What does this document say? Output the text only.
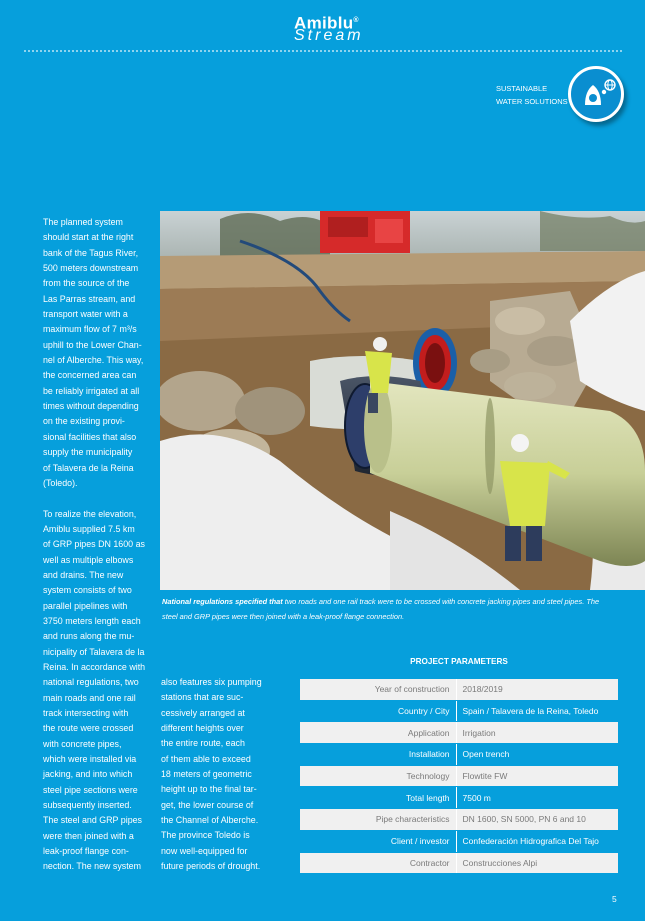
Amiblu®
Stream
SUSTAINABLE
WATER SOLUTIONS

The planned system
should start at the right
bank of the Tagus River,
500 meters downstream
from the source of the
Las Parras stream, and
transport water with a
maximum flow of 7 m³/s
uphill to the Lower Chan-
nel of Alberche. This way,
the concerned area can
be reliably irrigated at all
times without depending
on the existing provi-
sional facilities that also
supply the municipality
of Talavera de la Reina
(Toledo).

To realize the elevation,
Amiblu supplied 7.5 km
of GRP pipes DN 1600 as
well as multiple elbows
and drains. The new
system consists of two
parallel pipelines with
3750 meters length each
and runs along the mu-
nicipality of Talavera de la
Reina. In accordance with
national regulations, two
main roads and one rail
track intersecting with
the route were crossed
with concrete pipes,
which were installed via
jacking, and into which
steel pipe sections were
subsequently inserted.
The steel and GRP pipes
were then joined with a
leak-proof flange con-
nection. The new system

National regulations specified that two roads and one rail track were to be crossed with concrete jacking pipes and steel pipes. The
steel and GRP pipes were then joined with a leak-proof flange connection.

also features six pumping
stations that are suc-
cessively arranged at
different heights over
the entire route, each
of them able to exceed
18 meters of geometric
height up to the final tar-
get, the lower course of
the Channel of Alberche.
The province Toledo is
now well-equipped for
future periods of drought.

PROJECT PARAMETERS
Year of construction	2018/2019
Country / City	Spain / Talavera de la Reina, Toledo
Application	Irrigation
Installation	Open trench
Technology	Flowtite FW
Total length	7500 m
Pipe characteristics	DN 1600, SN 5000, PN 6 and 10
Client / investor	Confederación Hidrografica Del Tajo
Contractor	Construcciones Alpi
5
